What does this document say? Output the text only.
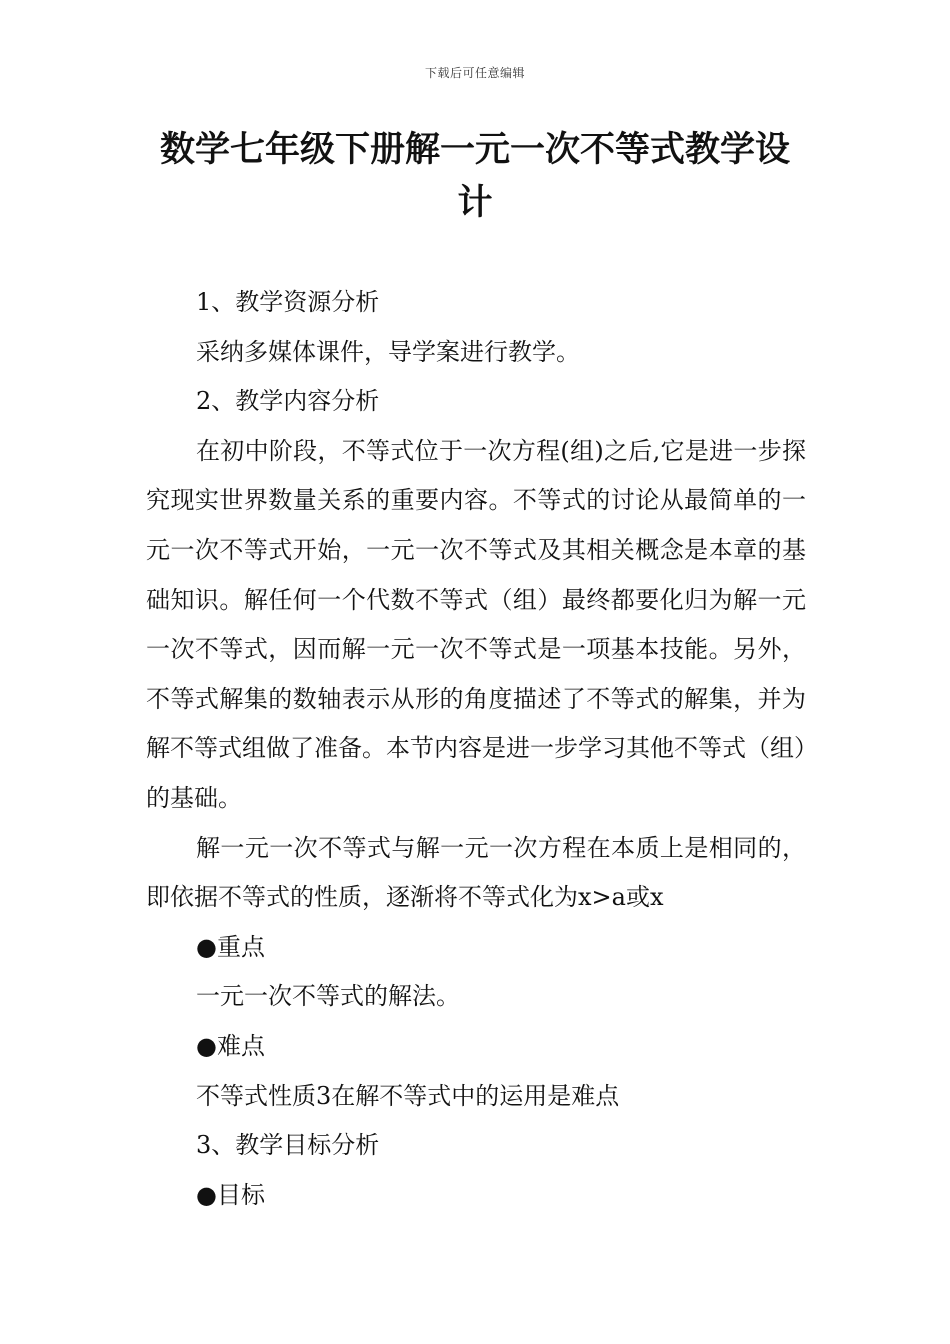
下载后可任意编辑
数学七年级下册解一元一次不等式教学设计

1、教学资源分析

采纳多媒体课件，导学案进行教学。

2、教学内容分析

在初中阶段，不等式位于一次方程(组)之后,它是进一步探究现实世界数量关系的重要内容。不等式的讨论从最简单的一元一次不等式开始，一元一次不等式及其相关概念是本章的基础知识。解任何一个代数不等式（组）最终都要化归为解一元一次不等式，因而解一元一次不等式是一项基本技能。另外，不等式解集的数轴表示从形的角度描述了不等式的解集，并为解不等式组做了准备。本节内容是进一步学习其他不等式（组）的基础。

解一元一次不等式与解一元一次方程在本质上是相同的，即依据不等式的性质，逐渐将不等式化为x>a或x

●重点

一元一次不等式的解法。

●难点

不等式性质3在解不等式中的运用是难点

3、教学目标分析

●目标
